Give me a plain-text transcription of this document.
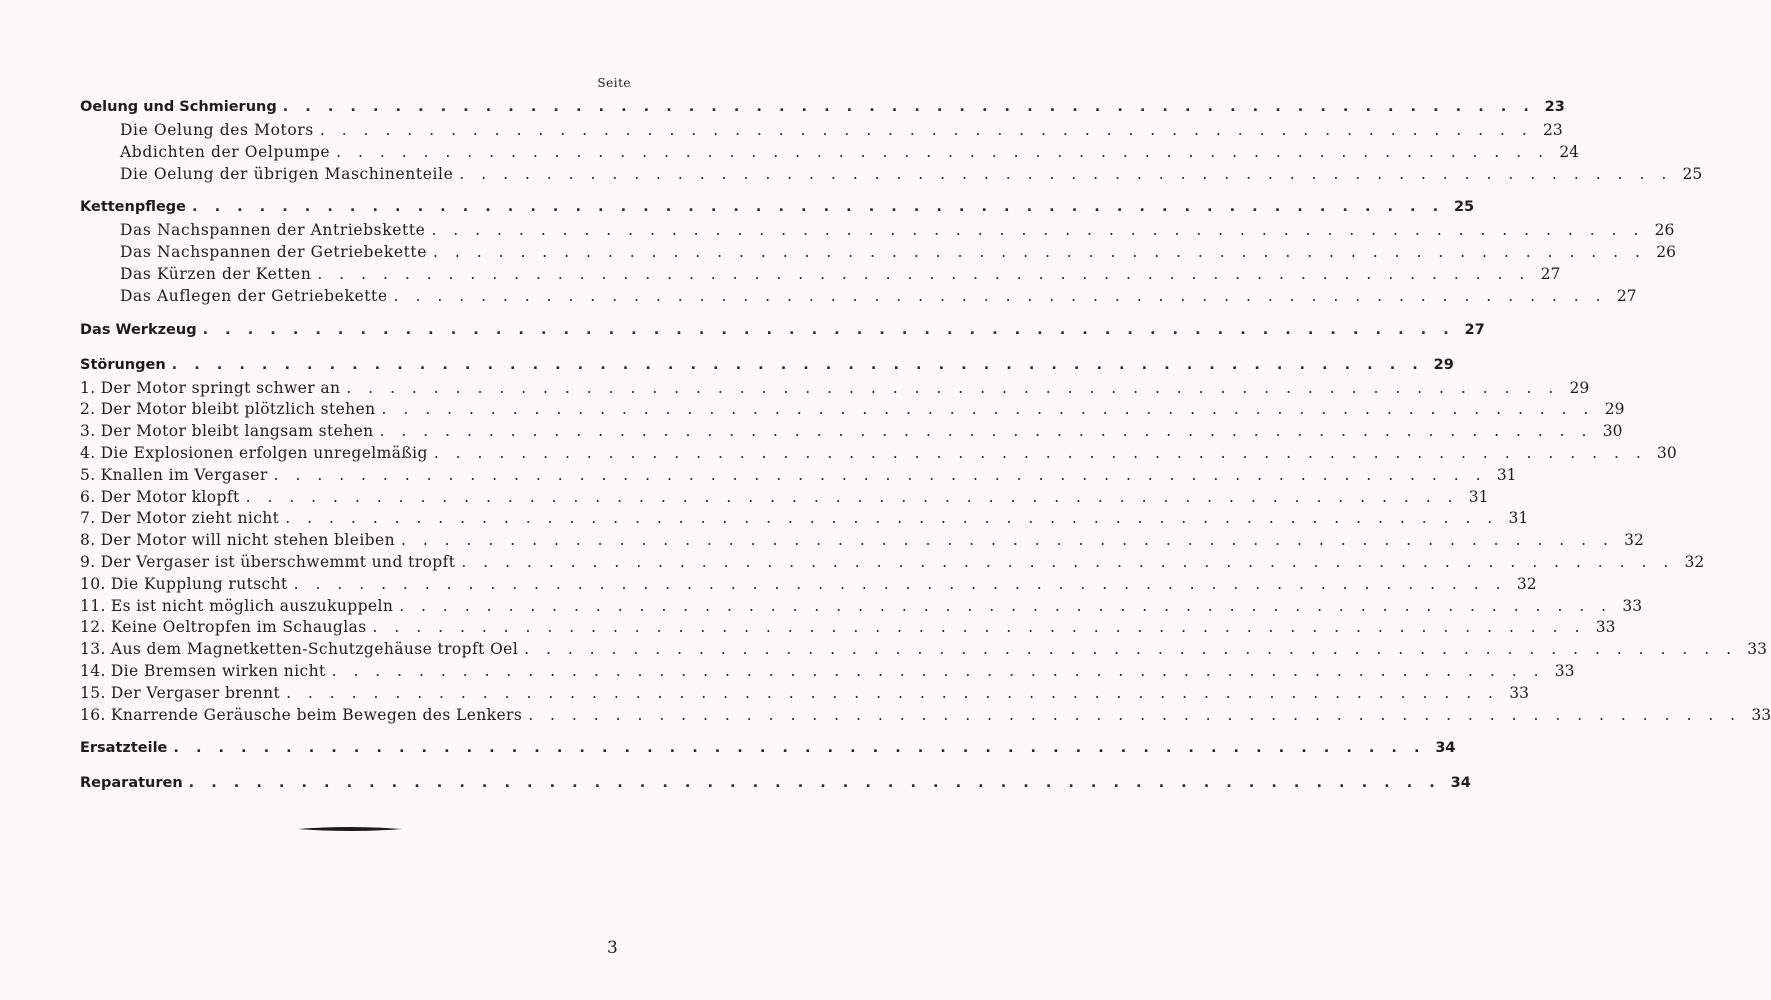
Seite
Oelung und Schmierung . . . . . . . . . . . . . . . . . . . . . . . . . . . . . . . . . . . . . . . . . . . . . . . . . . . . . . . . 23
Die Oelung des Motors . . . . . . . . . . . . . . . . . . . . . . . . . . . . . . . . . . . . . . . . . . . . . . . . . . . . . . . . 23
Abdichten der Oelpumpe . . . . . . . . . . . . . . . . . . . . . . . . . . . . . . . . . . . . . . . . . . . . . . . . . . . . . . . . 24
Die Oelung der übrigen Maschinenteile . . . . . . . . . . . . . . . . . . . . . . . . . . . . . . . . . . . . . . . . . . . . . . . . . . . . . . . . 25
Kettenpflege . . . . . . . . . . . . . . . . . . . . . . . . . . . . . . . . . . . . . . . . . . . . . . . . . . . . . . . . 25
Das Nachspannen der Antriebskette . . . . . . . . . . . . . . . . . . . . . . . . . . . . . . . . . . . . . . . . . . . . . . . . . . . . . . . . 26
Das Nachspannen der Getriebekette . . . . . . . . . . . . . . . . . . . . . . . . . . . . . . . . . . . . . . . . . . . . . . . . . . . . . . . . 26
Das Kürzen der Ketten . . . . . . . . . . . . . . . . . . . . . . . . . . . . . . . . . . . . . . . . . . . . . . . . . . . . . . . . 27
Das Auflegen der Getriebekette . . . . . . . . . . . . . . . . . . . . . . . . . . . . . . . . . . . . . . . . . . . . . . . . . . . . . . . . 27
Das Werkzeug . . . . . . . . . . . . . . . . . . . . . . . . . . . . . . . . . . . . . . . . . . . . . . . . . . . . . . . . 27
Störungen . . . . . . . . . . . . . . . . . . . . . . . . . . . . . . . . . . . . . . . . . . . . . . . . . . . . . . . . 29
1. Der Motor springt schwer an . . . . . . . . . . . . . . . . . . . . . . . . . . . . . . . . . . . . . . . . . . . . . . . . . . . . . . . . 29
2. Der Motor bleibt plötzlich stehen . . . . . . . . . . . . . . . . . . . . . . . . . . . . . . . . . . . . . . . . . . . . . . . . . . . . . . . . 29
3. Der Motor bleibt langsam stehen . . . . . . . . . . . . . . . . . . . . . . . . . . . . . . . . . . . . . . . . . . . . . . . . . . . . . . . . 30
4. Die Explosionen erfolgen unregelmäßig . . . . . . . . . . . . . . . . . . . . . . . . . . . . . . . . . . . . . . . . . . . . . . . . . . . . . . . . 30
5. Knallen im Vergaser . . . . . . . . . . . . . . . . . . . . . . . . . . . . . . . . . . . . . . . . . . . . . . . . . . . . . . . . 31
6. Der Motor klopft . . . . . . . . . . . . . . . . . . . . . . . . . . . . . . . . . . . . . . . . . . . . . . . . . . . . . . . . 31
7. Der Motor zieht nicht . . . . . . . . . . . . . . . . . . . . . . . . . . . . . . . . . . . . . . . . . . . . . . . . . . . . . . . . 31
8. Der Motor will nicht stehen bleiben . . . . . . . . . . . . . . . . . . . . . . . . . . . . . . . . . . . . . . . . . . . . . . . . . . . . . . . . 32
9. Der Vergaser ist überschwemmt und tropft . . . . . . . . . . . . . . . . . . . . . . . . . . . . . . . . . . . . . . . . . . . . . . . . . . . . . . . . 32
10. Die Kupplung rutscht . . . . . . . . . . . . . . . . . . . . . . . . . . . . . . . . . . . . . . . . . . . . . . . . . . . . . . . . 32
11. Es ist nicht möglich auszukuppeln . . . . . . . . . . . . . . . . . . . . . . . . . . . . . . . . . . . . . . . . . . . . . . . . . . . . . . . . 33
12. Keine Oeltropfen im Schauglas . . . . . . . . . . . . . . . . . . . . . . . . . . . . . . . . . . . . . . . . . . . . . . . . . . . . . . . . 33
13. Aus dem Magnetketten-Schutzgehäuse tropft Oel . . . . . . . . . . . . . . . . . . . . . . . . . . . . . . . . . . . . . . . . . . . . . . . . . . . . . . . . 33
14. Die Bremsen wirken nicht . . . . . . . . . . . . . . . . . . . . . . . . . . . . . . . . . . . . . . . . . . . . . . . . . . . . . . . . 33
15. Der Vergaser brennt . . . . . . . . . . . . . . . . . . . . . . . . . . . . . . . . . . . . . . . . . . . . . . . . . . . . . . . . 33
16. Knarrende Geräusche beim Bewegen des Lenkers . . . . . . . . . . . . . . . . . . . . . . . . . . . . . . . . . . . . . . . . . . . . . . . . . . . . . . . . 33
Ersatzteile . . . . . . . . . . . . . . . . . . . . . . . . . . . . . . . . . . . . . . . . . . . . . . . . . . . . . . . . 34
Reparaturen . . . . . . . . . . . . . . . . . . . . . . . . . . . . . . . . . . . . . . . . . . . . . . . . . . . . . . . . 34
3
